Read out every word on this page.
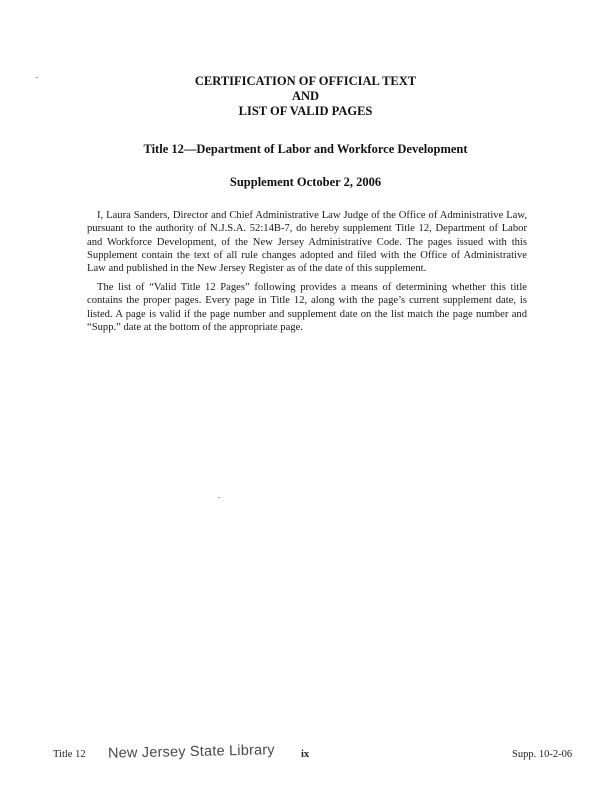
CERTIFICATION OF OFFICIAL TEXT
AND
LIST OF VALID PAGES
Title 12—Department of Labor and Workforce Development
Supplement October 2, 2006

I, Laura Sanders, Director and Chief Administrative Law Judge of the Office of Administrative Law, pursuant to the authority of N.J.S.A. 52:14B-7, do hereby supplement Title 12, Department of Labor and Workforce Development, of the New Jersey Administrative Code. The pages issued with this Supplement contain the text of all rule changes adopted and filed with the Office of Administrative Law and published in the New Jersey Register as of the date of this supplement.

The list of “Valid Title 12 Pages” following provides a means of determining whether this title contains the proper pages. Every page in Title 12, along with the page’s current supplement date, is listed. A page is valid if the page number and supplement date on the list match the page number and “Supp.” date at the bottom of the appropriate page.

Title 12 New Jersey State Library ix	Supp. 10-2-06
